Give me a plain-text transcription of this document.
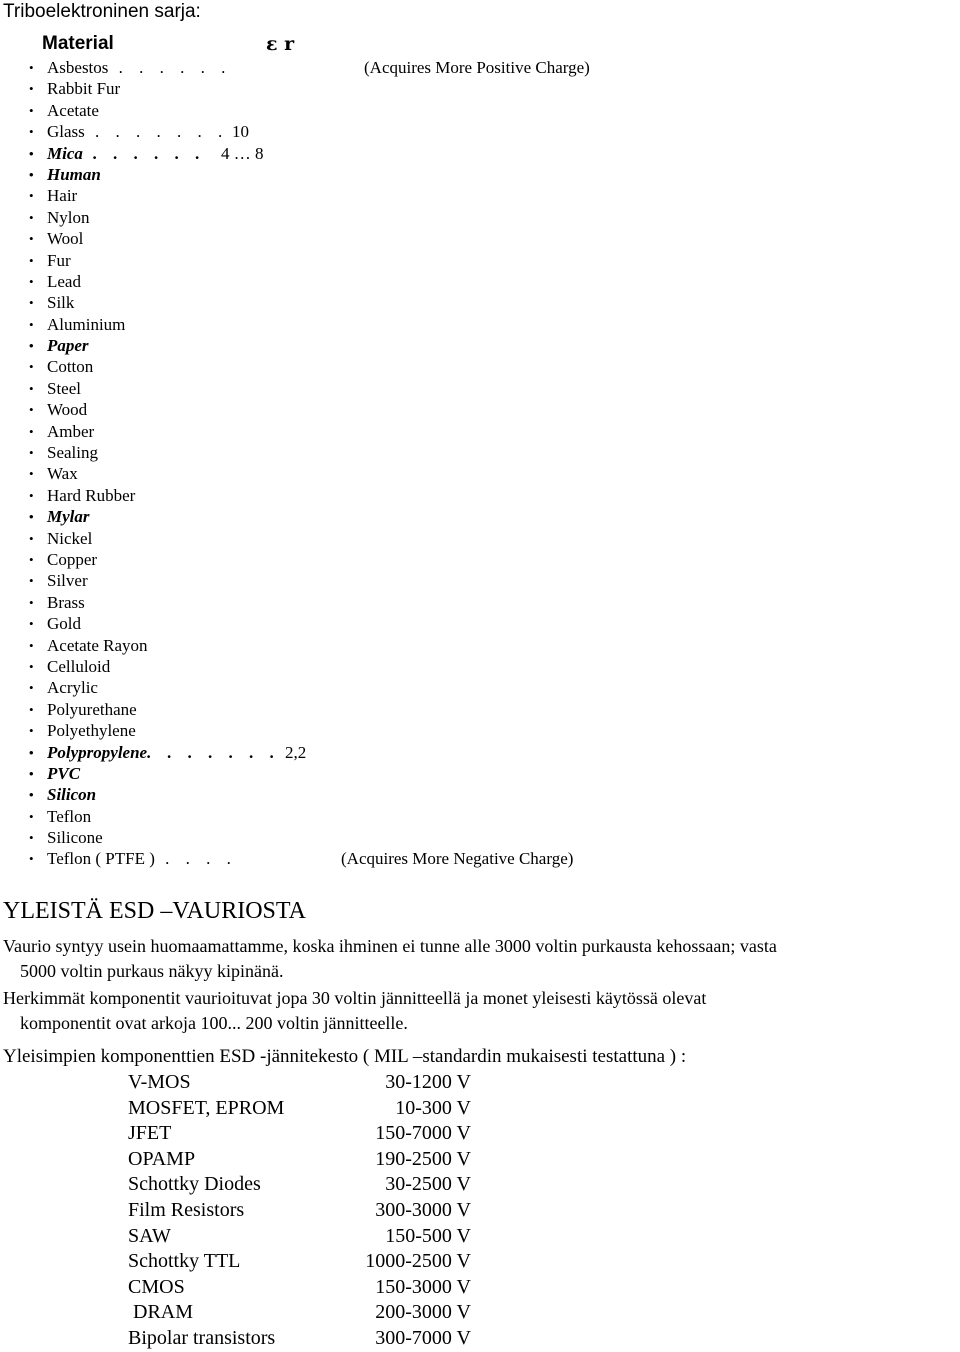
Triboelektroninen sarja:
Material	ε r
• Asbestos . . . . . .	(Acquires More Positive Charge)
• Rabbit Fur
• Acetate
• Glass . . . . . . . 10
• Mica . . . . . . 4 … 8
• Human
• Hair
• Nylon
• Wool
• Fur
• Lead
• Silk
• Aluminium
• Paper
• Cotton
• Steel
• Wood
• Amber
• Sealing
• Wax
• Hard Rubber
• Mylar
• Nickel
• Copper
• Silver
• Brass
• Gold
• Acetate Rayon
• Celluloid
• Acrylic
• Polyurethane
• Polyethylene
• Polypropylene. . . . . . . 2,2
• PVC
• Silicon
• Teflon
• Silicone
• Teflon ( PTFE ) . . . .	(Acquires More Negative Charge)
YLEISTÄ ESD –VAURIOSTA
Vaurio syntyy usein huomaamattamme, koska ihminen ei tunne alle 3000 voltin purkausta kehossaan; vasta
5000 voltin purkaus näkyy kipinänä.
Herkimmät komponentit vaurioituvat jopa 30 voltin jännitteellä ja monet yleisesti käytössä olevat
komponentit ovat arkoja 100... 200 voltin jännitteelle.
Yleisimpien komponenttien ESD -jännitekesto ( MIL –standardin mukaisesti testattuna ) :
V-MOS	30-1200 V
MOSFET, EPROM	10-300 V
JFET	150-7000 V
OPAMP	190-2500 V
Schottky Diodes	30-2500 V
Film Resistors	300-3000 V
SAW	150-500 V
Schottky TTL	1000-2500 V
CMOS	150-3000 V
DRAM	200-3000 V
Bipolar transistors	300-7000 V
